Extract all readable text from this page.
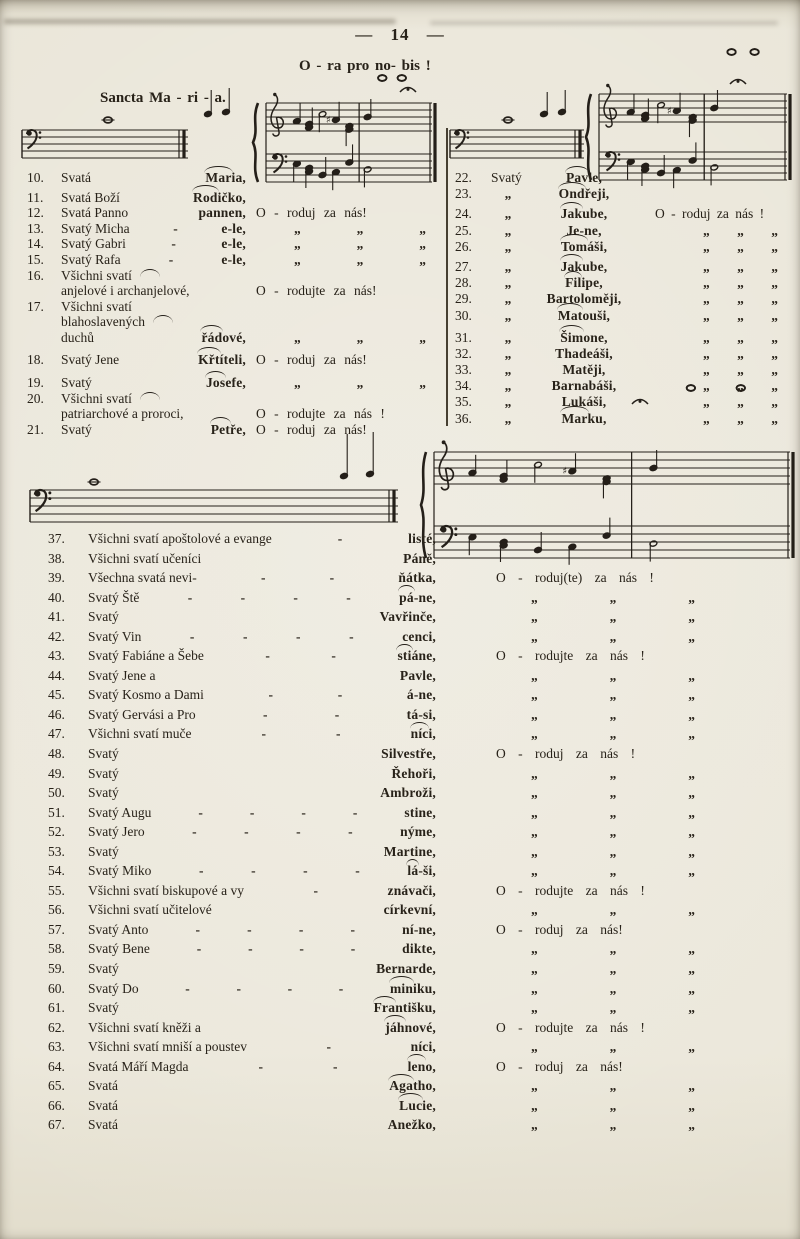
— 14 —
Sancta Ma - ri - a.
O - ra pro no- bis !
♯
♯
♯
10.	Svatá	Maria,
11.	Svatá Boží	Rodičko,
12.	Svatá Panno	pannen, O - roduj za nás!
13.	Svatý Micha	-	e-le,	„	„	„
14.	Svatý Gabri	-	e-le,	„	„	„
15.	Svatý Rafa	-	e-le,	„	„	„
16.	Všichni svatí
anjelové i archanjelové,	O - rodujte za nás!
17.	Všichni svatí
blahoslavených
duchů	řádové,	„	„	„
18.	Svatý Jene	Křtíteli, O - roduj za nás!
19.	Svatý	Josefe,	„	„	„
20.	Všichni svatí
patriarchové a proroci,	O - rodujte za nás !
21.	Svatý	Petře, O - roduj za nás!
22.	Svatý	Pavle,
23.	„	Ondřeji,
24.	„	Jakube,	O - roduj za nás !
25.	„	Je-ne,	„ „ „
26.	„	Tomáši,	„ „ „
27.	„	Jakube,	„ „ „
28.	„	Filipe,	„ „ „
29.	„	Bartoloměji,	„ „ „
30.	„	Matouši,	„ „ „
31.	„	Šimone,	„ „ „
32.	„	Thadeáši,	„ „ „
33.	„	Matěji,	„ „ „
34.	„	Barnabáši,	„ „ „
35.	„	Lukáši,	„ „ „
36.	„	Marku,	„ „ „
37.	Všichni svatí apoštolové a evange	-	listé,
38.	Všichni svatí učeníci	Páně,
39.	Všechna svatá nevi-	-	-	ňátka,	O - roduj(te) za nás !
40.	Svatý Ště	-	-	-	-	pá-ne,	„	„	„
41.	Svatý	Vavřinče,	„	„	„
42.	Svatý Vin	-	-	-	-	cenci,	„	„	„
43.	Svatý Fabiáne a Šebe	-	-	stiáne,	O - rodujte za nás !
44.	Svatý Jene a	Pavle,	„	„	„
45.	Svatý Kosmo a Dami	-	-	á-ne,	„	„	„
46.	Svatý Gervási a Pro	-	-	tá-si,	„	„	„
47.	Všichni svatí muče	-	-	níci,	„	„	„
48.	Svatý	Silvestře,	O - roduj za nás !
49.	Svatý	Řehoři,	„	„	„
50.	Svatý	Ambroži,	„	„	„
51.	Svatý Augu	-	-	-	-	stine,	„	„	„
52.	Svatý Jero	-	-	-	-	nýme,	„	„	„
53.	Svatý	Martine,	„	„	„
54.	Svatý Miko	-	-	-	-	lá-ši,	„	„	„
55.	Všichni svatí biskupové a vy	-	znávači,	O - rodujte za nás !
56.	Všichni svatí učitelové	církevní,	„	„	„
57.	Svatý Anto	-	-	-	-	ní-ne,	O - roduj za nás!
58.	Svatý Bene	-	-	-	-	dikte,	„	„	„
59.	Svatý	Bernarde,	„	„	„
60.	Svatý Do	-	-	-	-	miniku,	„	„	„
61.	Svatý	Františku,	„	„	„
62.	Všichni svatí kněži a	jáhnové,	O - rodujte za nás !
63.	Všichni svatí mniší a poustev	-	níci,	„	„	„
64.	Svatá Máří Magda	-	-	leno,	O - roduj za nás!
65.	Svatá	Agatho,	„	„	„
66.	Svatá	Lucie,	„	„	„
67.	Svatá	Anežko,	„	„	„
